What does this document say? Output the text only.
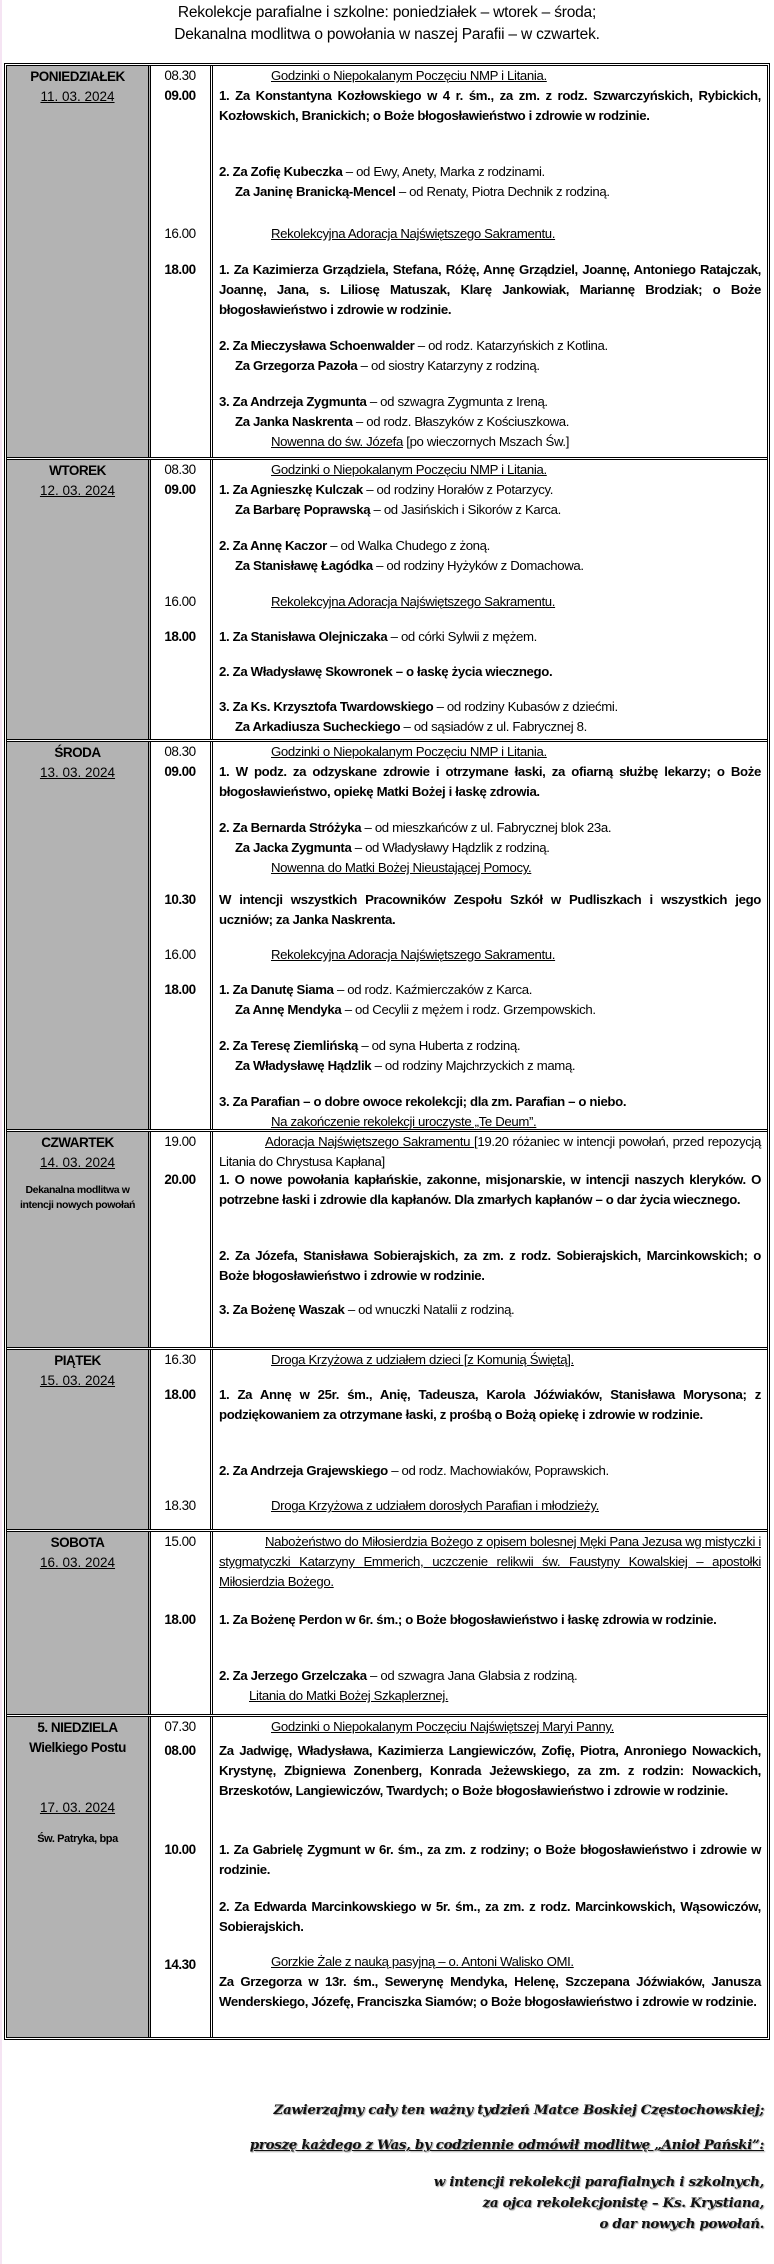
Rekolekcje parafialne i szkolne: poniedziałek – wtorek – środa;
Dekanalna modlitwa o powołania w naszej Parafii – w czwartek.
PONIEDZIAŁEK
11. 03. 2024
08.30
09.00
16.00
18.00
Godzinki o Niepokalanym Poczęciu NMP i Litania.
1. Za Konstantyna Kozłowskiego w 4 r. śm., za zm. z rodz. Szwarczyńskich, Rybickich, Kozłowskich, Branickich; o Boże błogosławieństwo i zdrowie w rodzinie.
2. Za Zofię Kubeczka – od Ewy, Anety, Marka z rodzinami.
Za Janinę Branicką-Mencel – od Renaty, Piotra Dechnik z rodziną.
Rekolekcyjna Adoracja Najświętszego Sakramentu.
1. Za Kazimierza Grządziela, Stefana, Różę, Annę Grządziel, Joannę, Antoniego Ratajczak, Joannę, Jana, s. Liliosę Matuszak, Klarę Jankowiak, Mariannę Brodziak; o Boże błogosławieństwo i zdrowie w rodzinie.
2. Za Mieczysława Schoenwalder – od rodz. Katarzyńskich z Kotlina.
Za Grzegorza Pazoła – od siostry Katarzyny z rodziną.
3. Za Andrzeja Zygmunta – od szwagra Zygmunta z Ireną.
Za Janka Naskrenta – od rodz. Błaszyków z Kościuszkowa.
Nowenna do św. Józefa [po wieczornych Mszach Św.]
WTOREK
12. 03. 2024
08.30
09.00
16.00
18.00
Godzinki o Niepokalanym Poczęciu NMP i Litania.
1. Za Agnieszkę Kulczak – od rodziny Horałów z Potarzycy.
Za Barbarę Poprawską – od Jasińskich i Sikorów z Karca.
2. Za Annę Kaczor – od Walka Chudego z żoną.
Za Stanisławę Łagódka – od rodziny Hyżyków z Domachowa.
Rekolekcyjna Adoracja Najświętszego Sakramentu.
1. Za Stanisława Olejniczaka – od córki Sylwii z mężem.
2. Za Władysławę Skowronek – o łaskę życia wiecznego.
3. Za Ks. Krzysztofa Twardowskiego – od rodziny Kubasów z dziećmi.
Za Arkadiusza Sucheckiego – od sąsiadów z ul. Fabrycznej 8.
ŚRODA
13. 03. 2024
08.30
09.00
10.30
16.00
18.00
Godzinki o Niepokalanym Poczęciu NMP i Litania.
1. W podz. za odzyskane zdrowie i otrzymane łaski, za ofiarną służbę lekarzy; o Boże błogosławieństwo, opiekę Matki Bożej i łaskę zdrowia.
2. Za Bernarda Stróżyka – od mieszkańców z ul. Fabrycznej blok 23a.
Za Jacka Zygmunta – od Władysławy Hądzlik z rodziną.
Nowenna do Matki Bożej Nieustającej Pomocy.
W intencji wszystkich Pracowników Zespołu Szkół w Pudliszkach i wszystkich jego uczniów; za Janka Naskrenta.
Rekolekcyjna Adoracja Najświętszego Sakramentu.
1. Za Danutę Siama – od rodz. Kaźmierczaków z Karca.
Za Annę Mendyka – od Cecylii z mężem i rodz. Grzempowskich.
2. Za Teresę Ziemlińską – od syna Huberta z rodziną.
Za Władysławę Hądzlik – od rodziny Majchrzyckich z mamą.
3. Za Parafian – o dobre owoce rekolekcji; dla zm. Parafian – o niebo.
Na zakończenie rekolekcji uroczyste „Te Deum”.
CZWARTEK
14. 03. 2024
Dekanalna modlitwa w intencji nowych powołań
19.00
20.00
Adoracja Najświętszego Sakramentu [19.20 różaniec w intencji powołań, przed repozycją Litania do Chrystusa Kapłana]
1. O nowe powołania kapłańskie, zakonne, misjonarskie, w intencji naszych kleryków. O potrzebne łaski i zdrowie dla kapłanów. Dla zmarłych kapłanów – o dar życia wiecznego.
2. Za Józefa, Stanisława Sobierajskich, za zm. z rodz. Sobierajskich, Marcinkowskich; o Boże błogosławieństwo i zdrowie w rodzinie.
3. Za Bożenę Waszak – od wnuczki Natalii z rodziną.
PIĄTEK
15. 03. 2024
16.30
18.00
18.30
Droga Krzyżowa z udziałem dzieci [z Komunią Świętą].
1. Za Annę w 25r. śm., Anię, Tadeusza, Karola Jóźwiaków, Stanisława Morysona; z podziękowaniem za otrzymane łaski, z prośbą o Bożą opiekę i zdrowie w rodzinie.
2. Za Andrzeja Grajewskiego – od rodz. Machowiaków, Poprawskich.
Droga Krzyżowa z udziałem dorosłych Parafian i młodzieży.
SOBOTA
16. 03. 2024
15.00
18.00
Nabożeństwo do Miłosierdzia Bożego z opisem bolesnej Męki Pana Jezusa wg mistyczki i stygmatyczki Katarzyny Emmerich, uczczenie relikwii św. Faustyny Kowalskiej – apostołki Miłosierdzia Bożego.
1. Za Bożenę Perdon w 6r. śm.; o Boże błogosławieństwo i łaskę zdrowia w rodzinie.
2. Za Jerzego Grzelczaka – od szwagra Jana Glabsia z rodziną.
Litania do Matki Bożej Szkaplerznej.
5. NIEDZIELA
Wielkiego Postu
17. 03. 2024
Św. Patryka, bpa
07.30
08.00
10.00
14.30
Godzinki o Niepokalanym Poczęciu Najświętszej Maryi Panny.
Za Jadwigę, Władysława, Kazimierza Langiewiczów, Zofię, Piotra, Anroniego Nowackich, Krystynę, Zbigniewa Zonenberg, Konrada Jeżewskiego, za zm. z rodzin: Nowackich, Brzeskotów, Langiewiczów, Twardych; o Boże błogosławieństwo i zdrowie w rodzinie.
1. Za Gabrielę Zygmunt w 6r. śm., za zm. z rodziny; o Boże błogosławieństwo i zdrowie w rodzinie.
2. Za Edwarda Marcinkowskiego w 5r. śm., za zm. z rodz. Marcinkowskich, Wąsowiczów, Sobierajskich.
Gorzkie Żale z nauką pasyjną – o. Antoni Walisko OMI.
Za Grzegorza w 13r. śm., Sewerynę Mendyka, Helenę, Szczepana Jóźwiaków, Janusza Wenderskiego, Józefę, Franciszka Siamów; o Boże błogosławieństwo i zdrowie w rodzinie.
Zawierzajmy cały ten ważny tydzień Matce Boskiej Częstochowskiej;
proszę każdego z Was, by codziennie odmówił modlitwę „Anioł Pański”:
w intencji rekolekcji parafialnych i szkolnych,
za ojca rekolekcjonistę – Ks. Krystiana,
o dar nowych powołań.
